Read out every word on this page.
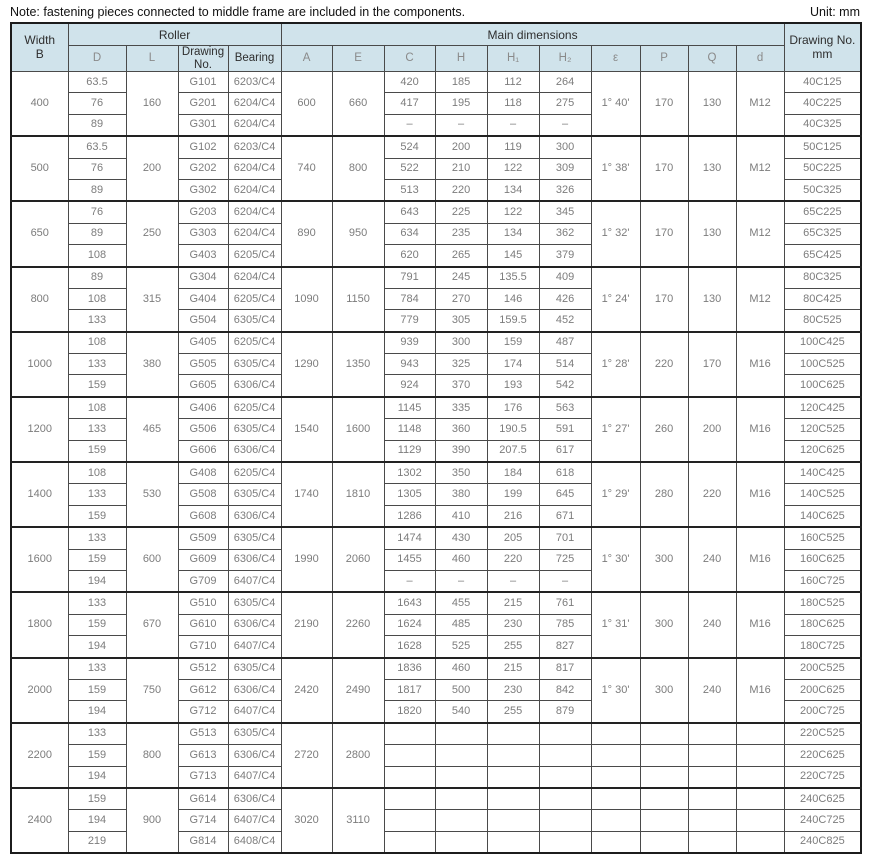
Note: fastening pieces connected to middle frame are included in the components.	Unit: mm
Width
B	Roller				Main dimensions										Drawing No.
mm
	D	L	Drawing No.	Bearing	A	E	C	H	H₁	H₂	ε	P	Q	d	
400	63.5	160	G101	6203/C4	600	660	420	185	112	264	1° 40'	170	130	M12	40C125
	76		G201	6204/C4			417	195	118	275					40C225
	89		G301	6204/C4			–	–	–	–					40C325
500	63.5	200	G102	6203/C4	740	800	524	200	119	300	1° 38'	170	130	M12	50C125
	76		G202	6204/C4			522	210	122	309					50C225
	89		G302	6204/C4			513	220	134	326					50C325
650	76	250	G203	6204/C4	890	950	643	225	122	345	1° 32'	170	130	M12	65C225
	89		G303	6204/C4			634	235	134	362					65C325
	108		G403	6205/C4			620	265	145	379					65C425
800	89	315	G304	6204/C4	1090	1150	791	245	135.5	409	1° 24'	170	130	M12	80C325
	108		G404	6205/C4			784	270	146	426					80C425
	133		G504	6305/C4			779	305	159.5	452					80C525
1000	108	380	G405	6205/C4	1290	1350	939	300	159	487	1° 28'	220	170	M16	100C425
	133		G505	6305/C4			943	325	174	514					100C525
	159		G605	6306/C4			924	370	193	542					100C625
1200	108	465	G406	6205/C4	1540	1600	1145	335	176	563	1° 27'	260	200	M16	120C425
	133		G506	6305/C4			1148	360	190.5	591					120C525
	159		G606	6306/C4			1129	390	207.5	617					120C625
1400	108	530	G408	6205/C4	1740	1810	1302	350	184	618	1° 29'	280	220	M16	140C425
	133		G508	6305/C4			1305	380	199	645					140C525
	159		G608	6306/C4			1286	410	216	671					140C625
1600	133	600	G509	6305/C4	1990	2060	1474	430	205	701	1° 30'	300	240	M16	160C525
	159		G609	6306/C4			1455	460	220	725					160C625
	194		G709	6407/C4			–	–	–	–					160C725
1800	133	670	G510	6305/C4	2190	2260	1643	455	215	761	1° 31'	300	240	M16	180C525
	159		G610	6306/C4			1624	485	230	785					180C625
	194		G710	6407/C4			1628	525	255	827					180C725
2000	133	750	G512	6305/C4	2420	2490	1836	460	215	817	1° 30'	300	240	M16	200C525
	159		G612	6306/C4			1817	500	230	842					200C625
	194		G712	6407/C4			1820	540	255	879					200C725
2200	133	800	G513	6305/C4	2720	2800									220C525
	159		G613	6306/C4											220C625
	194		G713	6407/C4											220C725
2400	159	900	G614	6306/C4	3020	3110									240C625
	194		G714	6407/C4											240C725
	219		G814	6408/C4											240C825
